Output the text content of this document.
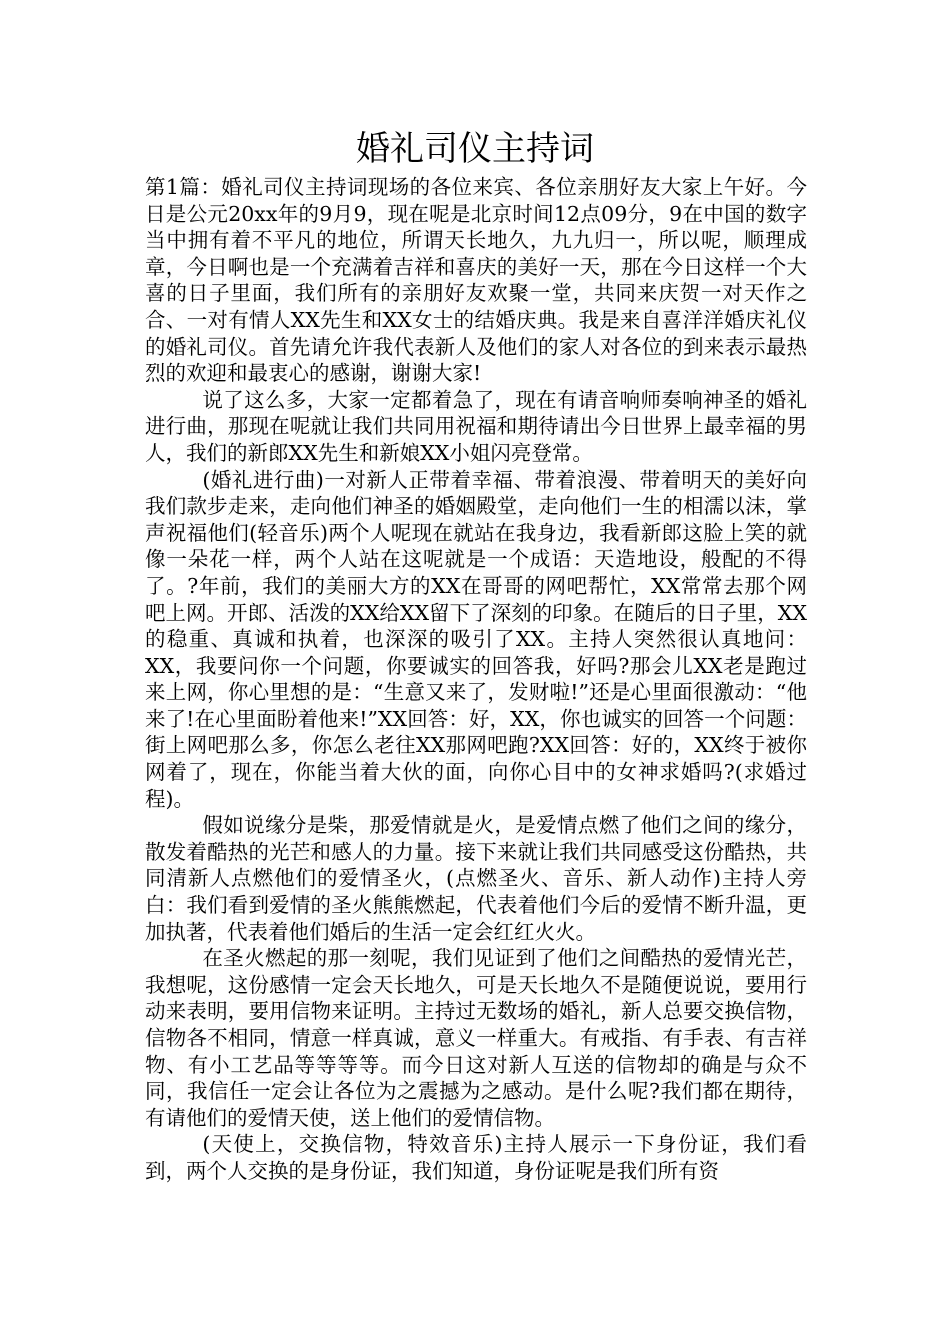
婚礼司仪主持词

第1篇：婚礼司仪主持词现场的各位来宾、各位亲朋好友大家上午好。今日是公元20xx年的9月9，现在呢是北京时间12点09分，9在中国的数字当中拥有着不平凡的地位，所谓天长地久，九九归一，所以呢，顺理成章，今日啊也是一个充满着吉祥和喜庆的美好一天，那在今日这样一个大喜的日子里面，我们所有的亲朋好友欢聚一堂，共同来庆贺一对天作之合、一对有情人XX先生和XX女士的结婚庆典。我是来自喜洋洋婚庆礼仪的婚礼司仪。首先请允许我代表新人及他们的家人对各位的到来表示最热烈的欢迎和最衷心的感谢，谢谢大家!

说了这么多，大家一定都着急了，现在有请音响师奏响神圣的婚礼进行曲，那现在呢就让我们共同用祝福和期待请出今日世界上最幸福的男人，我们的新郎XX先生和新娘XX小姐闪亮登常。

(婚礼进行曲)一对新人正带着幸福、带着浪漫、带着明天的美好向我们款步走来，走向他们神圣的婚姻殿堂，走向他们一生的相濡以沫，掌声祝福他们(轻音乐)两个人呢现在就站在我身边，我看新郎这脸上笑的就像一朵花一样，两个人站在这呢就是一个成语：天造地设，般配的不得了。?年前，我们的美丽大方的XX在哥哥的网吧帮忙，XX常常去那个网吧上网。开郎、活泼的XX给XX留下了深刻的印象。在随后的日子里，XX的稳重、真诚和执着，也深深的吸引了XX。主持人突然很认真地问：XX，我要问你一个问题，你要诚实的回答我，好吗?那会儿XX老是跑过来上网，你心里想的是：“生意又来了，发财啦!”还是心里面很激动：“他来了!在心里面盼着他来!”XX回答：好，XX，你也诚实的回答一个问题：街上网吧那么多，你怎么老往XX那网吧跑?XX回答：好的，XX终于被你网着了，现在，你能当着大伙的面，向你心目中的女神求婚吗?(求婚过程)。

假如说缘分是柴，那爱情就是火，是爱情点燃了他们之间的缘分，散发着酷热的光芒和感人的力量。接下来就让我们共同感受这份酷热，共同清新人点燃他们的爱情圣火，(点燃圣火、音乐、新人动作)主持人旁白：我们看到爱情的圣火熊熊燃起，代表着他们今后的爱情不断升温，更加执著，代表着他们婚后的生活一定会红红火火。

在圣火燃起的那一刻呢，我们见证到了他们之间酷热的爱情光芒，我想呢，这份感情一定会天长地久，可是天长地久不是随便说说，要用行动来表明，要用信物来证明。主持过无数场的婚礼，新人总要交换信物，信物各不相同，情意一样真诚，意义一样重大。有戒指、有手表、有吉祥物、有小工艺品等等等等。而今日这对新人互送的信物却的确是与众不同，我信任一定会让各位为之震撼为之感动。是什么呢?我们都在期待，有请他们的爱情天使，送上他们的爱情信物。

(天使上，交换信物，特效音乐)主持人展示一下身份证，我们看到，两个人交换的是身份证，我们知道，身份证呢是我们所有资
